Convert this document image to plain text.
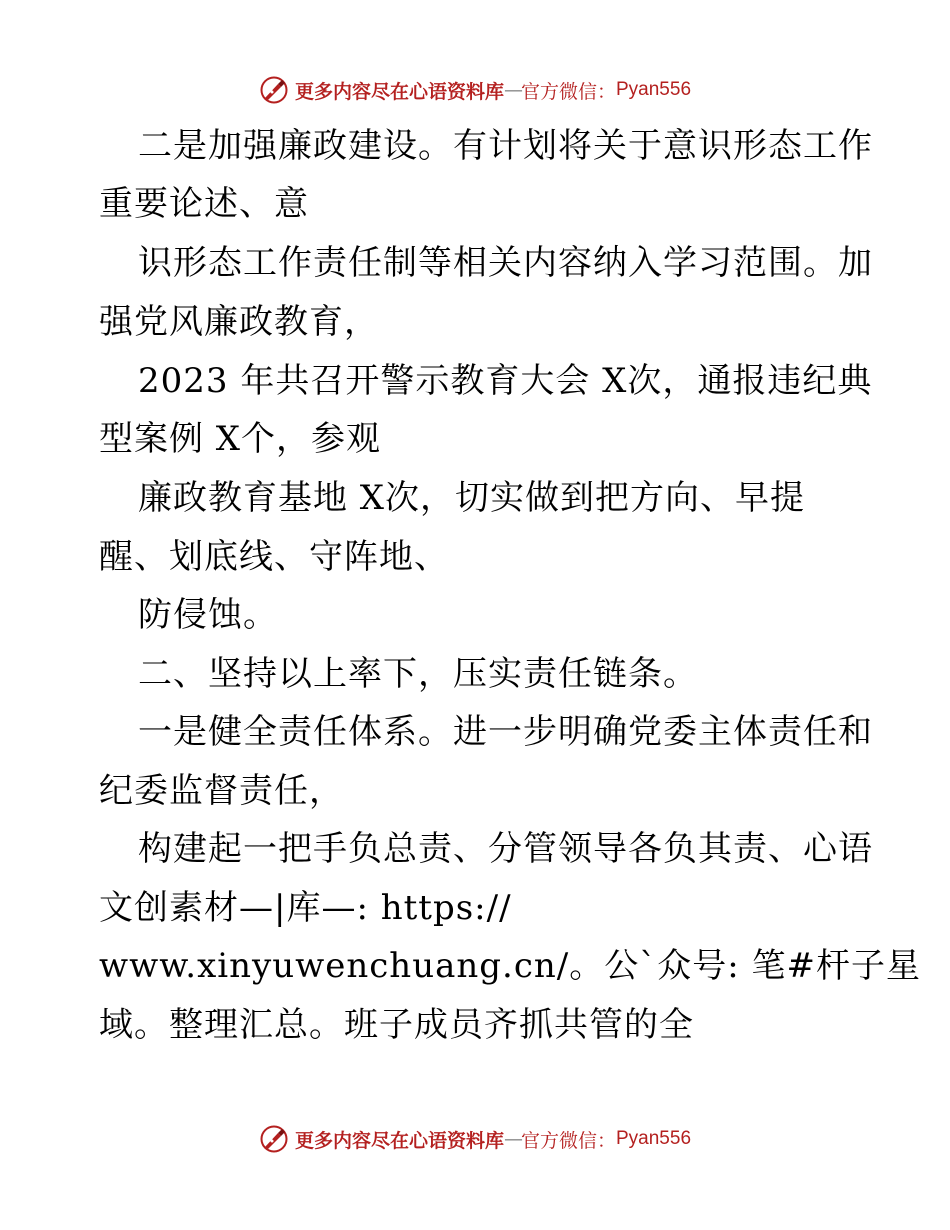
更多内容尽在心语资料库 — 官方微信： Pyan556

二是加强廉政建设。有计划将关于意识形态工作

重要论述、意

识形态工作责任制等相关内容纳入学习范围。加

强党风廉政教育，

2023 年共召开警示教育大会 X次，通报违纪典

型案例 X个，参观

廉政教育基地 X次，切实做到把方向、早提

醒、划底线、守阵地、

防侵蚀。

二、坚持以上率下，压实责任链条。

一是健全责任体系。进一步明确党委主体责任和

纪委监督责任，

构建起一把手负总责、分管领导各负其责、心语

文创素材—|库—: https://

www.xinyuwenchuang.cn/。公`众号: 笔#杆子星

域。整理汇总。班子成员齐抓共管的全

更多内容尽在心语资料库 — 官方微信： Pyan556
